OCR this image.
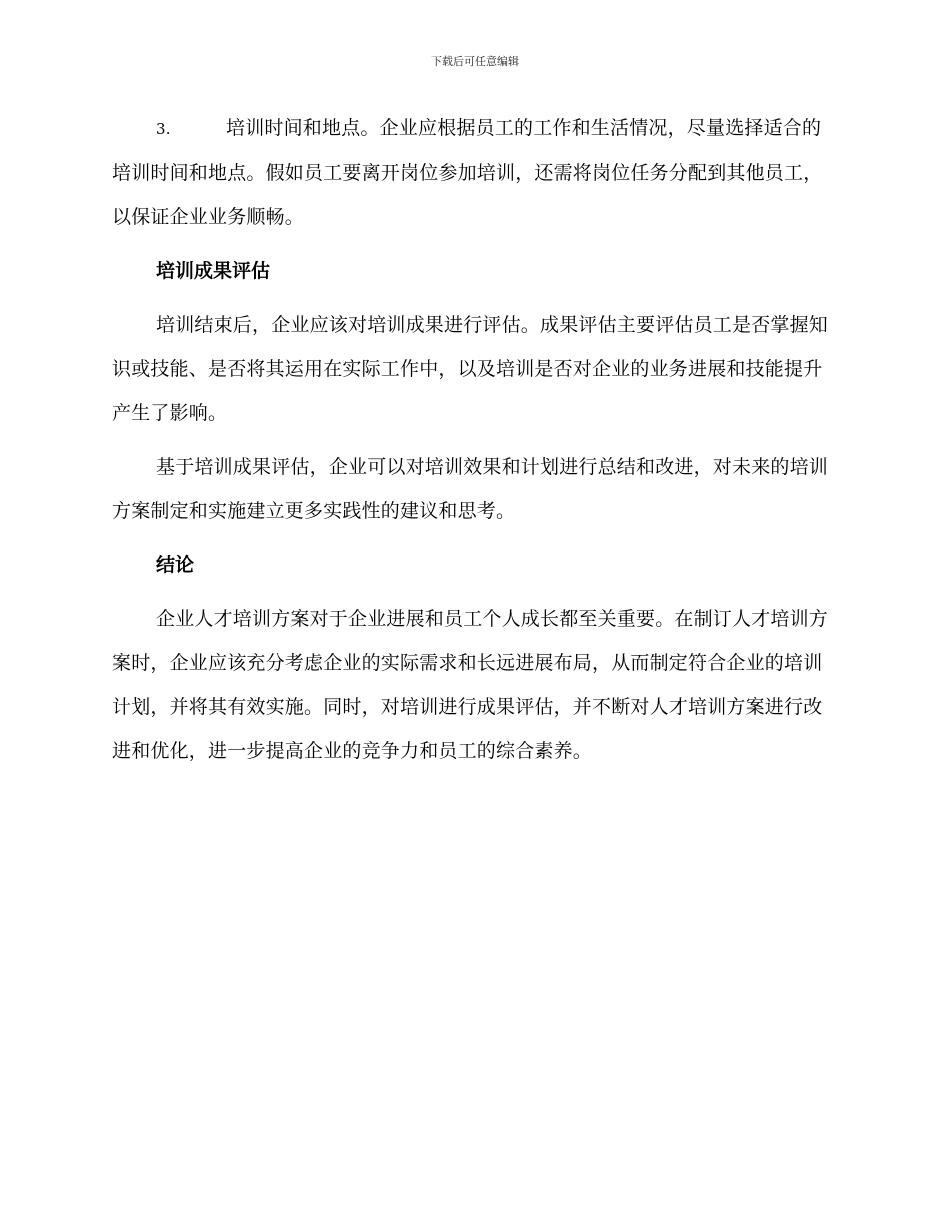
下载后可任意编辑

3.	培训时间和地点。企业应根据员工的工作和生活情况，尽量选择适合的培训时间和地点。假如员工要离开岗位参加培训，还需将岗位任务分配到其他员工，以保证企业业务顺畅。

培训成果评估

培训结束后，企业应该对培训成果进行评估。成果评估主要评估员工是否掌握知识或技能、是否将其运用在实际工作中，以及培训是否对企业的业务进展和技能提升产生了影响。

基于培训成果评估，企业可以对培训效果和计划进行总结和改进，对未来的培训方案制定和实施建立更多实践性的建议和思考。

结论

企业人才培训方案对于企业进展和员工个人成长都至关重要。在制订人才培训方案时，企业应该充分考虑企业的实际需求和长远进展布局，从而制定符合企业的培训计划，并将其有效实施。同时，对培训进行成果评估，并不断对人才培训方案进行改进和优化，进一步提高企业的竞争力和员工的综合素养。
